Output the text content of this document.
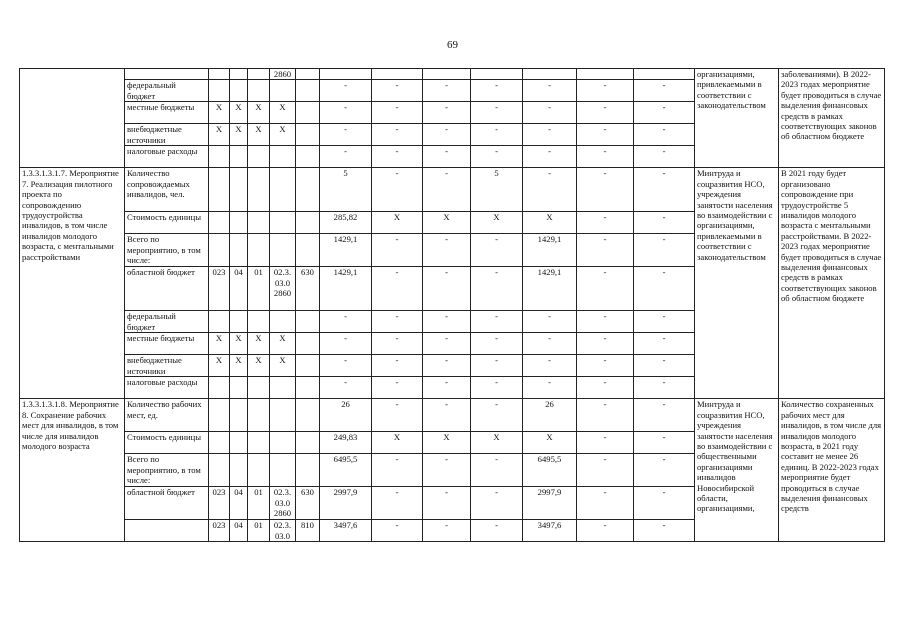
69
					2860									организациями, привлекаемыми в соответствии с законодательством	заболеваниями). В 2022-2023 годах мероприятие будет проводиться в случае выделения финансовых средств в рамках соответствующих законов об областном бюджете
	федеральный бюджет						-	-	-	-	-	-	-		
	местные бюджеты	Х	Х	Х	Х		-	-	-	-	-	-	-		
	внебюджетные источники	Х	Х	Х	Х		-	-	-	-	-	-	-		
	налоговые расходы						-	-	-	-	-	-	-		
1.3.3.1.3.1.7. Мероприятие 7. Реализация пилотного проекта по сопровождению трудоустройства инвалидов, в том числе инвалидов молодого возраста, с ментальными расстройствами	Количество сопровождаемых инвалидов, чел.						5	-	-	5	-	-	-	Минтруда и соцразвития НСО, учреждения занятости населения во взаимодействии с организациями, привлекаемыми в соответствии с законодательством	В 2021 году будет организовано сопровождение при трудоустройстве 5 инвалидов молодого возраста с ментальными расстройствами. В 2022-2023 годах мероприятие будет проводиться в случае выделения финансовых средств в рамках соответствующих законов об областном бюджете
	Стоимость единицы						285,82	Х	Х	Х	Х	-	-		
	Всего по мероприятию, в том числе:						1429,1	-	-	-	1429,1	-	-		
	областной бюджет	023	04	01	02.3. 03.0 2860	630	1429,1	-	-	-	1429,1	-	-		
	федеральный бюджет						-	-	-	-	-	-	-		
	местные бюджеты	Х	Х	Х	Х		-	-	-	-	-	-	-		
	внебюджетные источники	Х	Х	Х	Х		-	-	-	-	-	-	-		
	налоговые расходы						-	-	-	-	-	-	-		
1.3.3.1.3.1.8. Мероприятие 8. Сохранение рабочих мест для инвалидов, в том числе для инвалидов молодого возраста	Количество рабочих мест, ед.						26	-	-	-	26	-	-	Минтруда и соцразвития НСО, учреждения занятости населения во взаимодействии с общественными организациями инвалидов Новосибирской области, организациями,	Количество сохраненных рабочих мест для инвалидов, в том числе для инвалидов молодого возраста, в 2021 году составит не менее 26 единиц. В 2022-2023 годах мероприятие будет проводиться в случае выделения финансовых средств
	Стоимость единицы						249,83	Х	Х	Х	Х	-	-		
	Всего по мероприятию, в том числе:						6495,5	-	-	-	6495,5	-	-		
	областной бюджет	023	04	01	02.3. 03.0 2860	630	2997,9	-	-	-	2997,9	-	-		
		023	04	01	02.3. 03.0	810	3497,6	-	-	-	3497,6	-	-		
